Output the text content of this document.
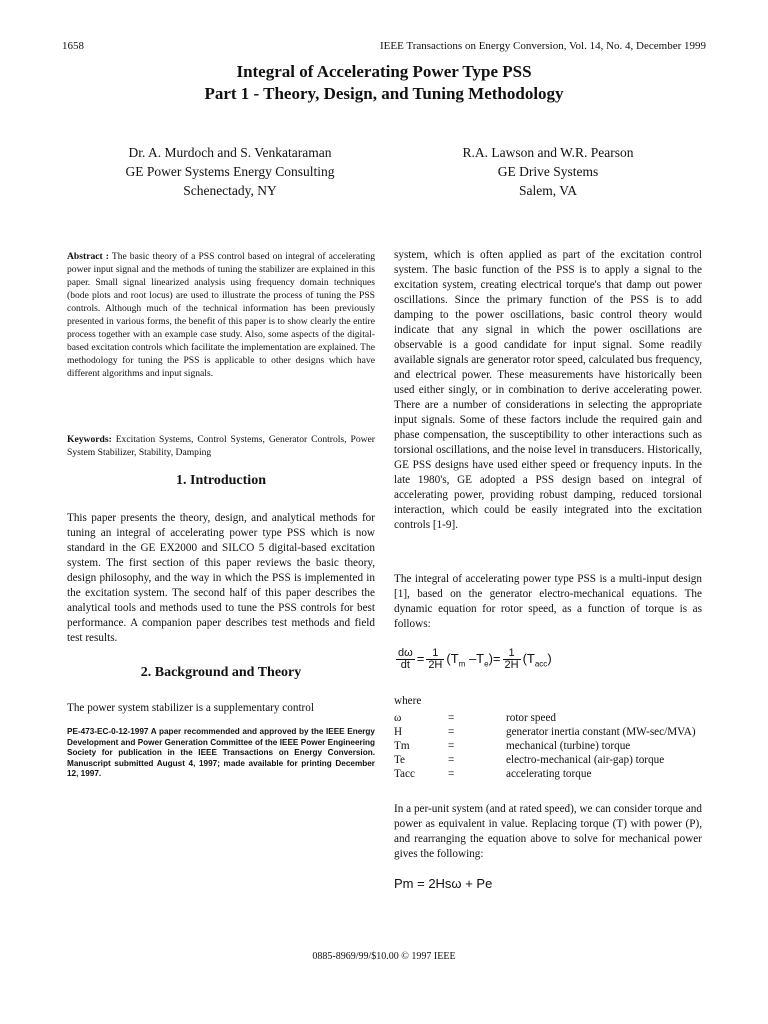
1658	IEEE Transactions on Energy Conversion, Vol. 14, No. 4, December 1999
Integral of Accelerating Power Type PSS
Part 1 - Theory, Design, and Tuning Methodology
Dr. A. Murdoch and S. Venkataraman
GE Power Systems Energy Consulting
Schenectady, NY
R.A. Lawson and W.R. Pearson
GE Drive Systems
Salem, VA
Abstract : The basic theory of a PSS control based on integral of accelerating power input signal and the methods of tuning the stabilizer are explained in this paper. Small signal linearized analysis using frequency domain techniques (bode plots and root locus) are used to illustrate the process of tuning the PSS controls. Although much of the technical information has been previously presented in various forms, the benefit of this paper is to show clearly the entire process together with an example case study. Also, some aspects of the digital-based excitation controls which facilitate the implementation are explained. The methodology for tuning the PSS is applicable to other designs which have different algorithms and input signals.
Keywords: Excitation Systems, Control Systems, Generator Controls, Power System Stabilizer, Stability, Damping
1. Introduction
This paper presents the theory, design, and analytical methods for tuning an integral of accelerating power type PSS which is now standard in the GE EX2000 and SILCO 5 digital-based excitation system. The first section of this paper reviews the basic theory, design philosophy, and the way in which the PSS is implemented in the excitation system. The second half of this paper describes the analytical tools and methods used to tune the PSS controls for best performance. A companion paper describes test methods and field test results.
2. Background and Theory
The power system stabilizer is a supplementary control
PE-473-EC-0-12-1997 A paper recommended and approved by the IEEE Energy Development and Power Generation Committee of the IEEE Power Engineering Society for publication in the IEEE Transactions on Energy Conversion. Manuscript submitted August 4, 1997; made available for printing December 12, 1997.
system, which is often applied as part of the excitation control system. The basic function of the PSS is to apply a signal to the excitation system, creating electrical torque's that damp out power oscillations. Since the primary function of the PSS is to add damping to the power oscillations, basic control theory would indicate that any signal in which the power oscillations are observable is a good candidate for input signal. Some readily available signals are generator rotor speed, calculated bus frequency, and electrical power. These measurements have historically been used either singly, or in combination to derive accelerating power. There are a number of considerations in selecting the appropriate input signals. Some of these factors include the required gain and phase compensation, the susceptibility to other interactions such as torsional oscillations, and the noise level in transducers. Historically, GE PSS designs have used either speed or frequency inputs. In the late 1980's, GE adopted a PSS design based on integral of accelerating power, providing robust damping, reduced torsional interaction, which could be easily integrated into the excitation controls [1-9].
The integral of accelerating power type PSS is a multi-input design [1], based on the generator electro-mechanical equations. The dynamic equation for rotor speed, as a function of torque is as follows:
$\frac{d\omega}{dt} = \frac{1}{2H} (T_m$ $-T_e)= \frac{1}{2H} (T_{acc})$
where
ω	=	rotor speed
H	=	generator inertia constant (MW-sec/MVA)
Tm	=	mechanical (turbine) torque
Te	=	electro-mechanical (air-gap) torque
Tacc	=	accelerating torque
In a per-unit system (and at rated speed), we can consider torque and power as equivalent in value. Replacing torque (T) with power (P), and rearranging the equation above to solve for mechanical power gives the following:
Pm = 2Hsω + Pe
0885-8969/99/$10.00 © 1997 IEEE
